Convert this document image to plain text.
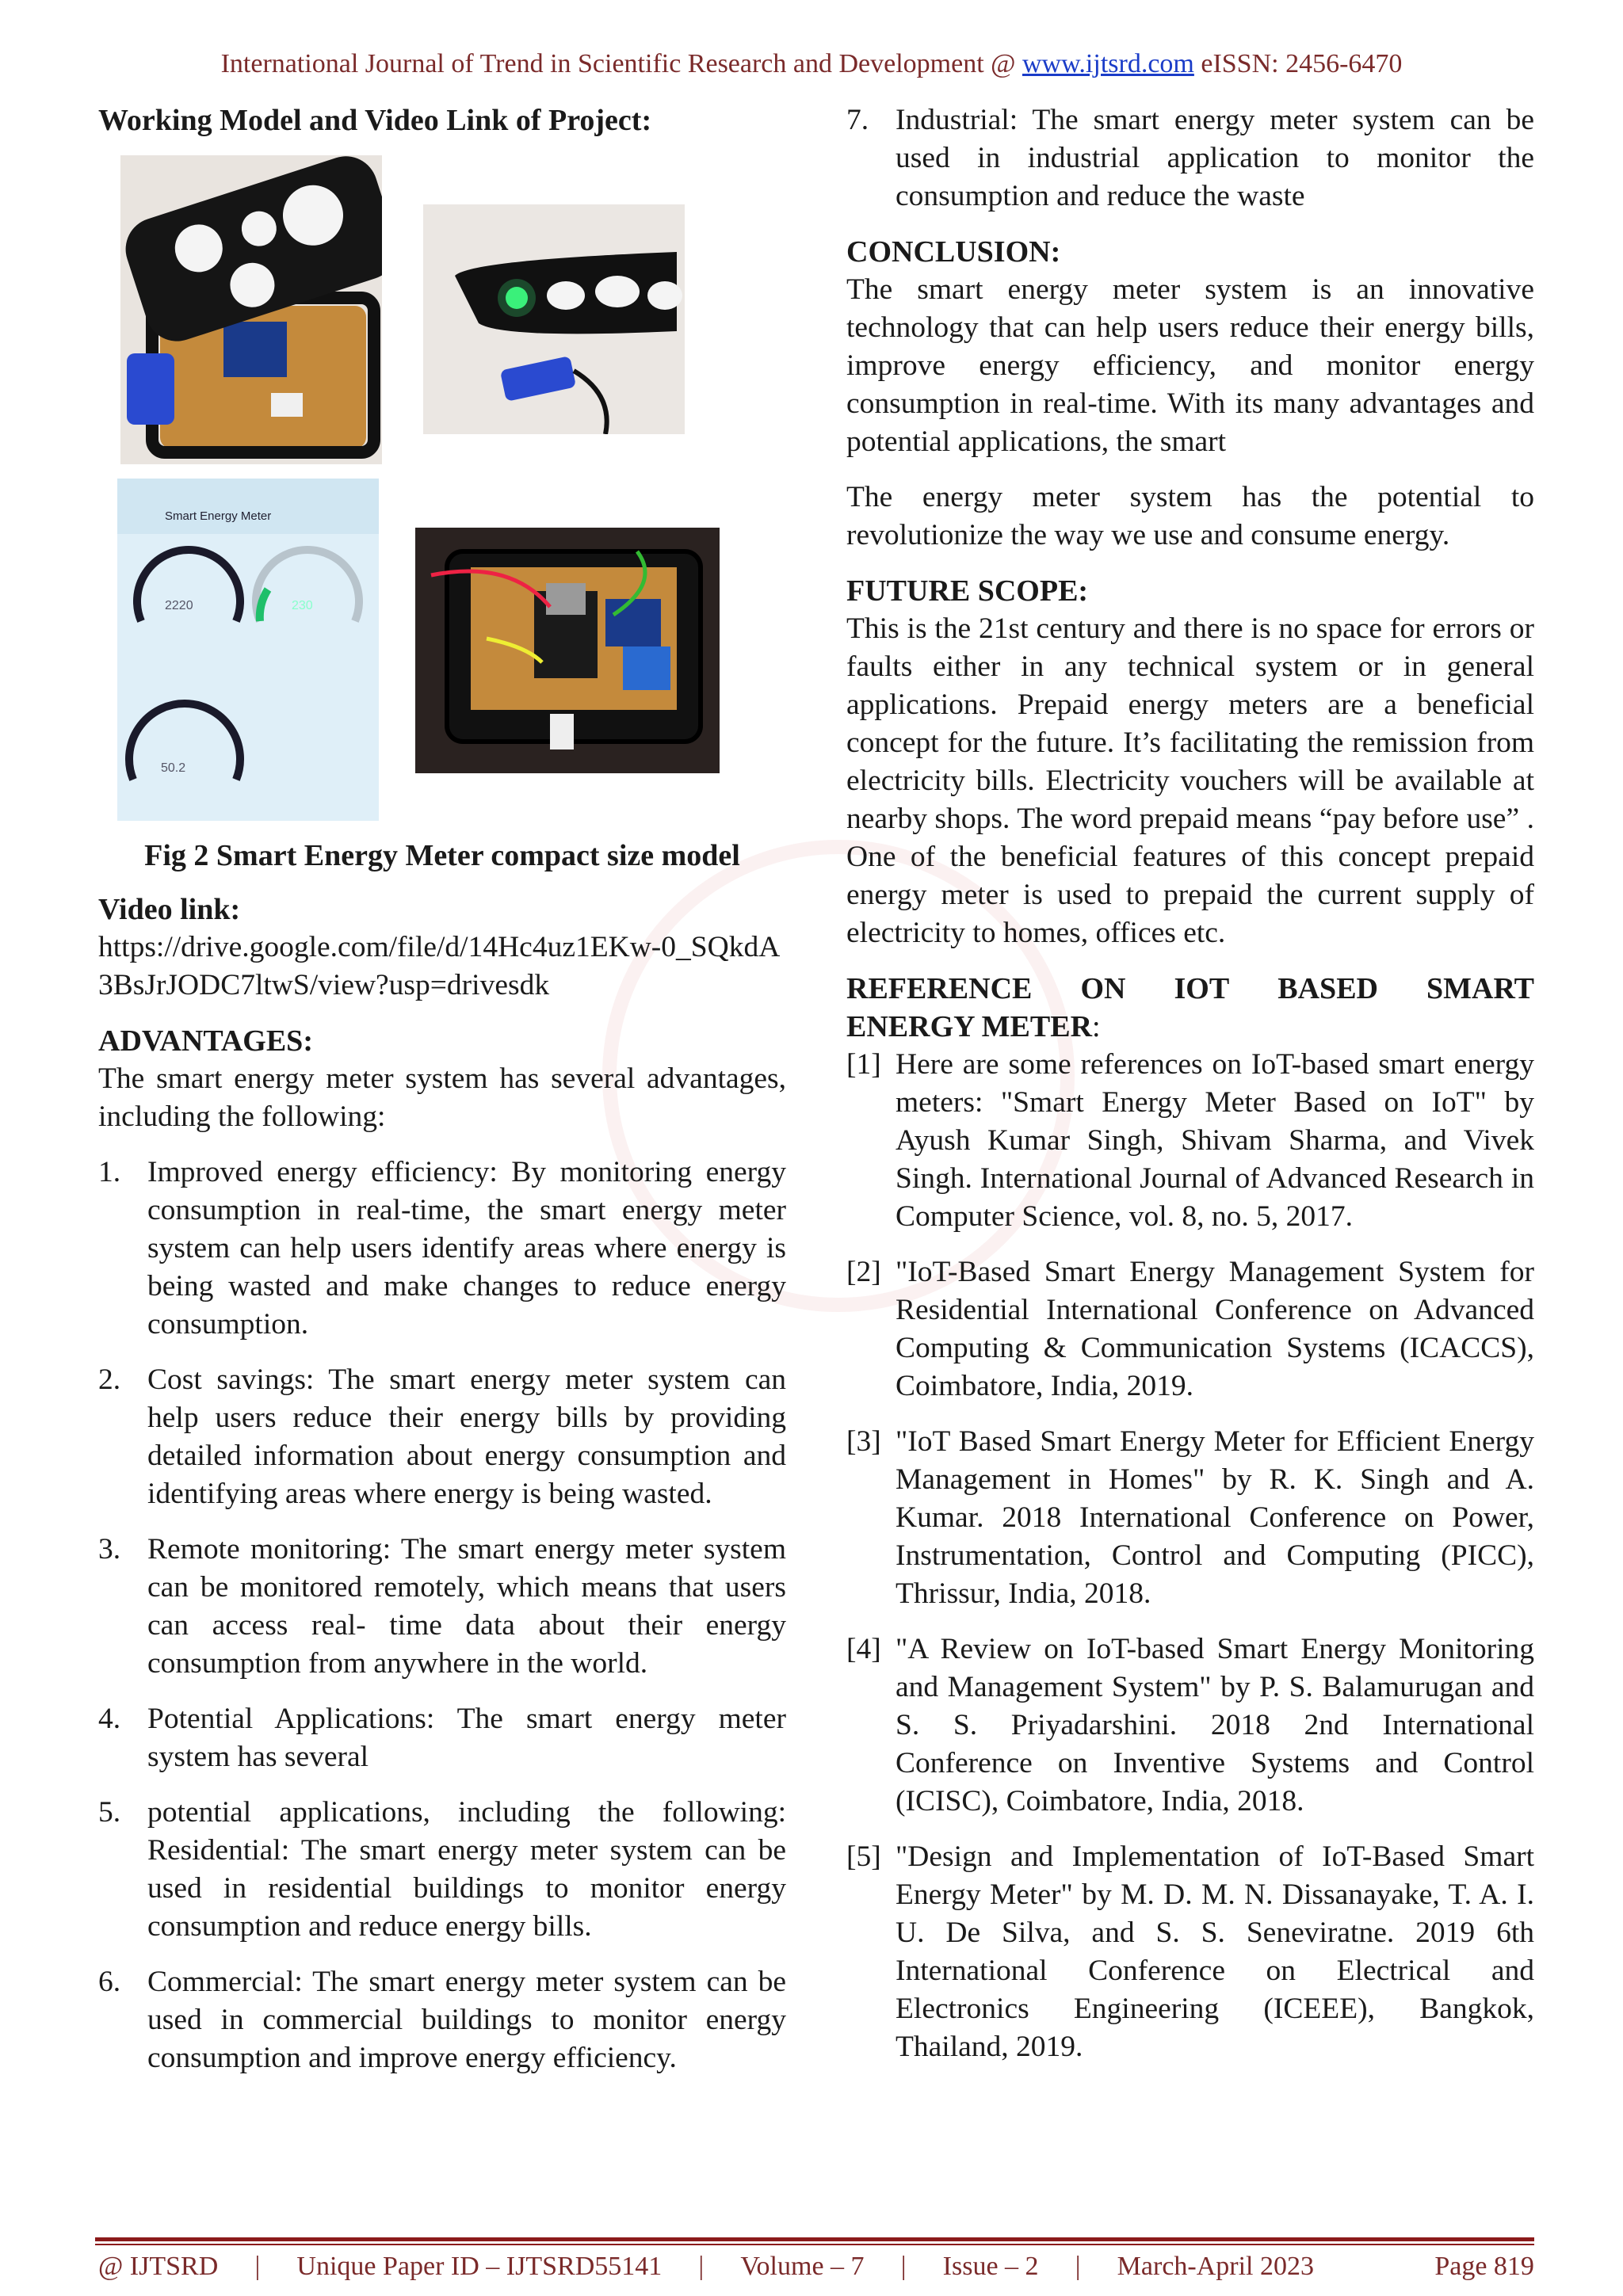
International Journal of Trend in Scientific Research and Development @ www.ijtsrd.com eISSN: 2456-6470
Working Model and Video Link of Project:
Smart Energy Meter
2220	230
50.2
Fig 2 Smart Energy Meter compact size model
Video link:
https://drive.google.com/file/d/14Hc4uz1EKw-0_SQkdA3BsJrJODC7ltwS/view?usp=drivesdk
ADVANTAGES:

The smart energy meter system has several advantages, including the following:

1. Improved energy efficiency: By monitoring energy consumption in real-time, the smart energy meter system can help users identify areas where energy is being wasted and make changes to reduce energy consumption.
2. Cost savings: The smart energy meter system can help users reduce their energy bills by providing detailed information about energy consumption and identifying areas where energy is being wasted.
3. Remote monitoring: The smart energy meter system can be monitored remotely, which means that users can access real- time data about their energy consumption from anywhere in the world.
4. Potential Applications: The smart energy meter system has several
5. potential applications, including the following: Residential: The smart energy meter system can be used in residential buildings to monitor energy consumption and reduce energy bills.
6. Commercial: The smart energy meter system can be used in commercial buildings to monitor energy consumption and improve energy efficiency.
7. Industrial: The smart energy meter system can be used in industrial application to monitor the consumption and reduce the waste
CONCLUSION:

The smart energy meter system is an innovative technology that can help users reduce their energy bills, improve energy efficiency, and monitor energy consumption in real-time. With its many advantages and potential applications, the smart

The energy meter system has the potential to revolutionize the way we use and consume energy.

FUTURE SCOPE:

This is the 21st century and there is no space for errors or faults either in any technical system or in general applications. Prepaid energy meters are a beneficial concept for the future. It’s facilitating the remission from electricity bills. Electricity vouchers will be available at nearby shops. The word prepaid means “pay before use” . One of the beneficial features of this concept prepaid energy meter is used to prepaid the current supply of electricity to homes, offices etc.

REFERENCE ON IOT BASED SMART
ENERGY METER:
[1] Here are some references on IoT-based smart energy meters: "Smart Energy Meter Based on IoT" by Ayush Kumar Singh, Shivam Sharma, and Vivek Singh. International Journal of Advanced Research in Computer Science, vol. 8, no. 5, 2017.
[2] "IoT-Based Smart Energy Management System for Residential International Conference on Advanced Computing & Communication Systems (ICACCS), Coimbatore, India, 2019.
[3] "IoT Based Smart Energy Meter for Efficient Energy Management in Homes" by R. K. Singh and A. Kumar. 2018 International Conference on Power, Instrumentation, Control and Computing (PICC), Thrissur, India, 2018.
[4] "A Review on IoT-based Smart Energy Monitoring and Management System" by P. S. Balamurugan and S. S. Priyadarshini. 2018 2nd International Conference on Inventive Systems and Control (ICISC), Coimbatore, India, 2018.
[5] "Design and Implementation of IoT-Based Smart Energy Meter" by M. D. M. N. Dissanayake, T. A. I. U. De Silva, and S. S. Seneviratne. 2019 6th International Conference on Electrical and Electronics Engineering (ICEEE), Bangkok, Thailand, 2019.
@ IJTSRD | Unique Paper ID – IJTSRD55141 | Volume – 7 | Issue – 2 | March-April 2023	Page 819
